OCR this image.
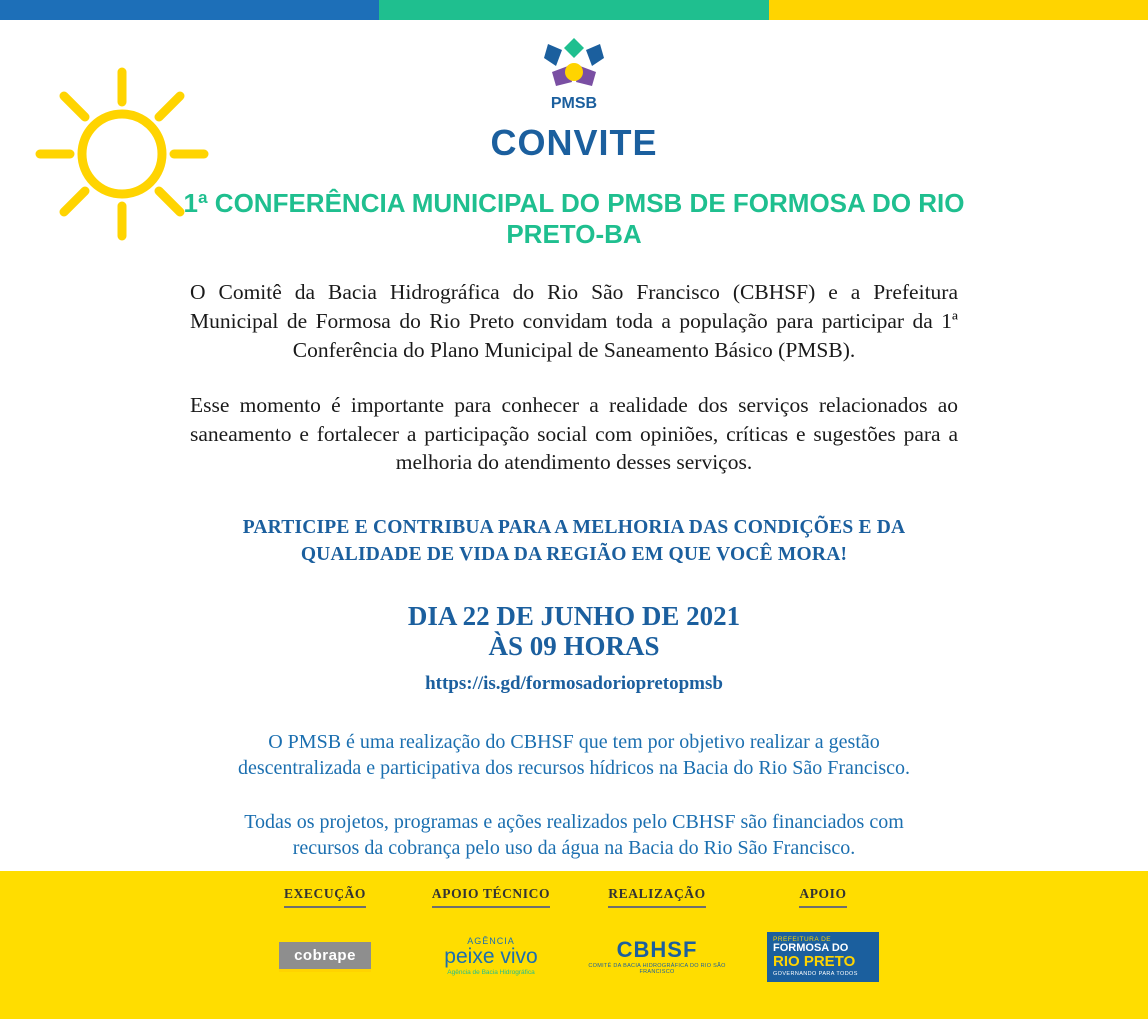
PMSB
CONVITE
1ª CONFERÊNCIA MUNICIPAL DO PMSB DE FORMOSA DO RIO PRETO-BA

O Comitê da Bacia Hidrográfica do Rio São Francisco (CBHSF) e a Prefeitura Municipal de Formosa do Rio Preto convidam toda a população para participar da 1ª Conferência do Plano Municipal de Saneamento Básico (PMSB).

Esse momento é importante para conhecer a realidade dos serviços relacionados ao saneamento e fortalecer a participação social com opiniões, críticas e sugestões para a melhoria do atendimento desses serviços.

PARTICIPE E CONTRIBUA PARA A MELHORIA DAS CONDIÇÕES E DA QUALIDADE DE VIDA DA REGIÃO EM QUE VOCÊ MORA!

DIA 22 DE JUNHO DE 2021
ÀS 09 HORAS
https://is.gd/formosadoriopretopmsb

O PMSB é uma realização do CBHSF que tem por objetivo realizar a gestão descentralizada e participativa dos recursos hídricos na Bacia do Rio São Francisco.

Todas os projetos, programas e ações realizados pelo CBHSF são financiados com recursos da cobrança pelo uso da água na Bacia do Rio São Francisco.

EXECUÇÃO
cobrape
APOIO TÉCNICO
AGÊNCIA
peixe vivo
Agência de Bacia Hidrográfica
REALIZAÇÃO
CBHSF
COMITÊ DA BACIA HIDROGRÁFICA DO RIO SÃO FRANCISCO
APOIO
PREFEITURA DE
FORMOSA DO
RIO PRETO
GOVERNANDO PARA TODOS
